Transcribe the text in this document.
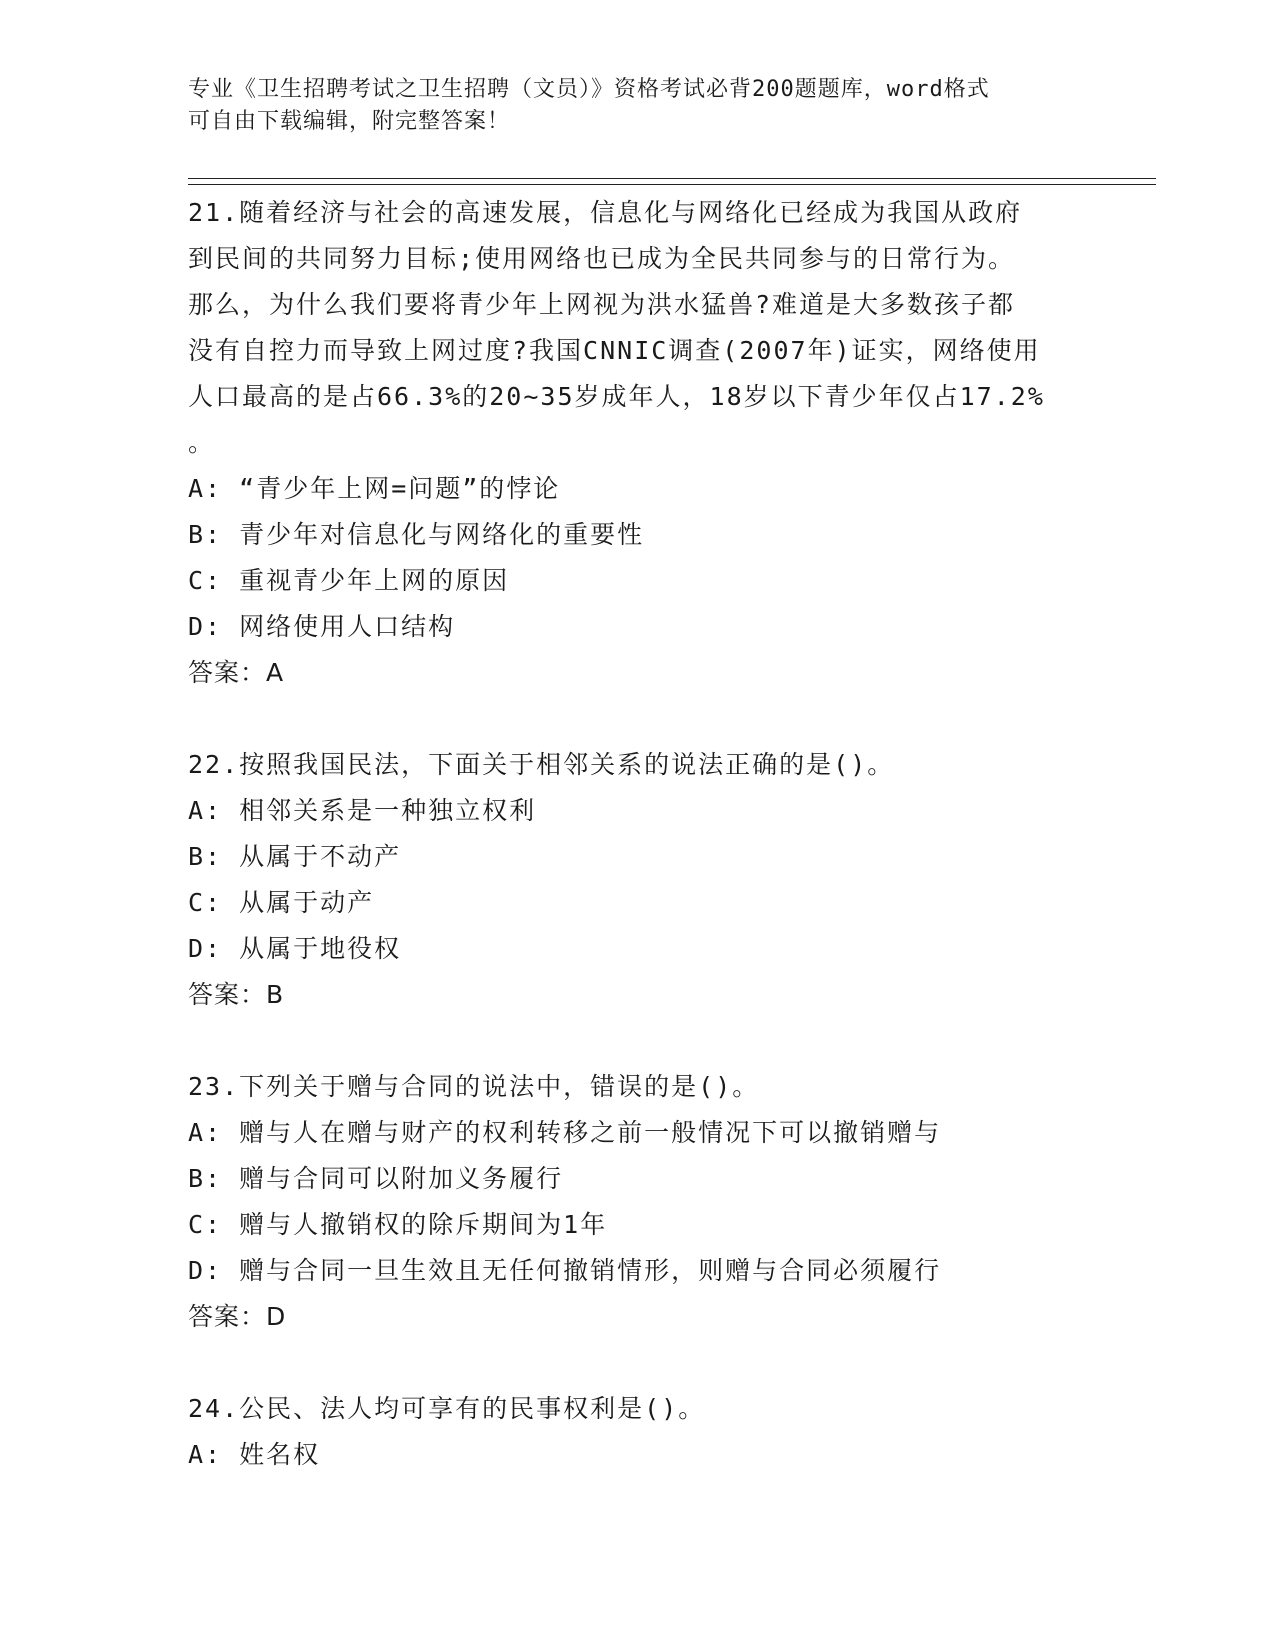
专业《卫生招聘考试之卫生招聘（文员）》资格考试必背200题题库，word格式
可自由下载编辑，附完整答案！
21.随着经济与社会的高速发展，信息化与网络化已经成为我国从政府
到民间的共同努力目标;使用网络也已成为全民共同参与的日常行为。
那么，为什么我们要将青少年上网视为洪水猛兽?难道是大多数孩子都
没有自控力而导致上网过度?我国CNNIC调查(2007年)证实，网络使用
人口最高的是占66.3%的20~35岁成年人，18岁以下青少年仅占17.2%
。
A: “青少年上网=问题”的悖论
B: 青少年对信息化与网络化的重要性
C: 重视青少年上网的原因
D: 网络使用人口结构
答案：A
22.按照我国民法，下面关于相邻关系的说法正确的是()。
A: 相邻关系是一种独立权利
B: 从属于不动产
C: 从属于动产
D: 从属于地役权
答案：B
23.下列关于赠与合同的说法中，错误的是()。
A: 赠与人在赠与财产的权利转移之前一般情况下可以撤销赠与
B: 赠与合同可以附加义务履行
C: 赠与人撤销权的除斥期间为1年
D: 赠与合同一旦生效且无任何撤销情形，则赠与合同必须履行
答案：D
24.公民、法人均可享有的民事权利是()。
A: 姓名权
